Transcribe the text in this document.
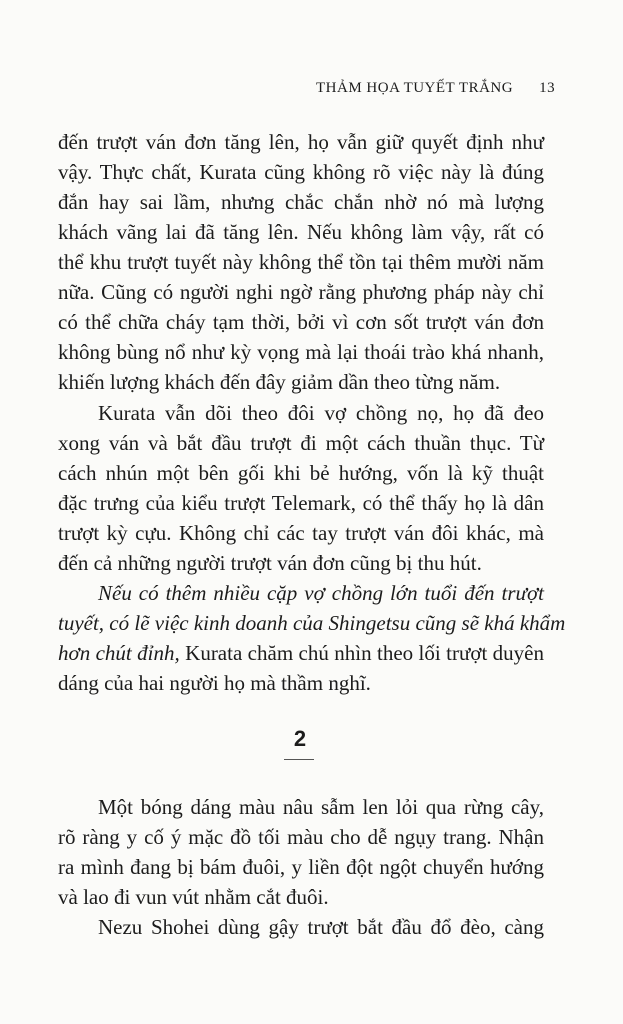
THẢM HỌA TUYẾT TRẮNG 13
đến trượt ván đơn tăng lên, họ vẫn giữ quyết định như
vậy. Thực chất, Kurata cũng không rõ việc này là đúng
đắn hay sai lầm, nhưng chắc chắn nhờ nó mà lượng
khách vãng lai đã tăng lên. Nếu không làm vậy, rất có
thể khu trượt tuyết này không thể tồn tại thêm mười năm
nữa. Cũng có người nghi ngờ rằng phương pháp này chỉ
có thể chữa cháy tạm thời, bởi vì cơn sốt trượt ván đơn
không bùng nổ như kỳ vọng mà lại thoái trào khá nhanh,
khiến lượng khách đến đây giảm dần theo từng năm.
Kurata vẫn dõi theo đôi vợ chồng nọ, họ đã đeo
xong ván và bắt đầu trượt đi một cách thuần thục. Từ
cách nhún một bên gối khi bẻ hướng, vốn là kỹ thuật
đặc trưng của kiểu trượt Telemark, có thể thấy họ là dân
trượt kỳ cựu. Không chỉ các tay trượt ván đôi khác, mà
đến cả những người trượt ván đơn cũng bị thu hút.
Nếu có thêm nhiều cặp vợ chồng lớn tuổi đến trượt
tuyết, có lẽ việc kinh doanh của Shingetsu cũng sẽ khá khẩm
hơn chút đỉnh, Kurata chăm chú nhìn theo lối trượt duyên
dáng của hai người họ mà thầm nghĩ.
2
Một bóng dáng màu nâu sẫm len lỏi qua rừng cây,
rõ ràng y cố ý mặc đồ tối màu cho dễ ngụy trang. Nhận
ra mình đang bị bám đuôi, y liền đột ngột chuyển hướng
và lao đi vun vút nhằm cắt đuôi.
Nezu Shohei dùng gậy trượt bắt đầu đổ đèo, càng
